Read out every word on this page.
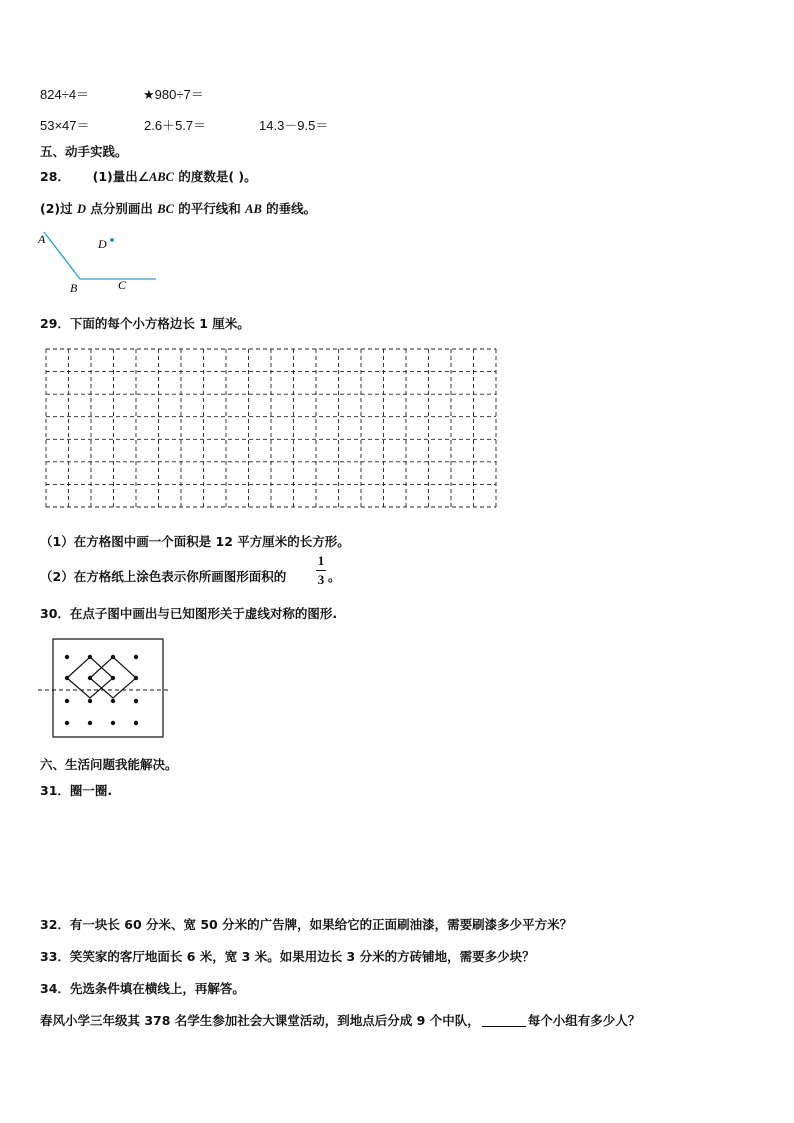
824÷4＝	★980÷7＝
53×47＝	2.6＋5.7＝	14.3－9.5＝
五、动手实践。
28． (1)量出∠ABC 的度数是( )。
(2)过 D 点分别画出 BC 的平行线和 AB 的垂线。
A
B	C
D
29．下面的每个小方格边长 1 厘米。
（1）在方格图中画一个面积是 12 平方厘米的长方形。
（2）在方格纸上涂色表示你所画图形面积的
1
3 。
30．在点子图中画出与已知图形关于虚线对称的图形.
六、生活问题我能解决。
31．圈一圈.
32．有一块长 60 分米、宽 50 分米的广告牌，如果给它的正面刷油漆，需要刷漆多少平方米？
33．笑笑家的客厅地面长 6 米，宽 3 米。如果用边长 3 分米的方砖铺地，需要多少块？
34．先选条件填在横线上，再解答。
春风小学三年级其 378 名学生参加社会大课堂活动，到地点后分成 9 个中队，	每个小组有多少人？
